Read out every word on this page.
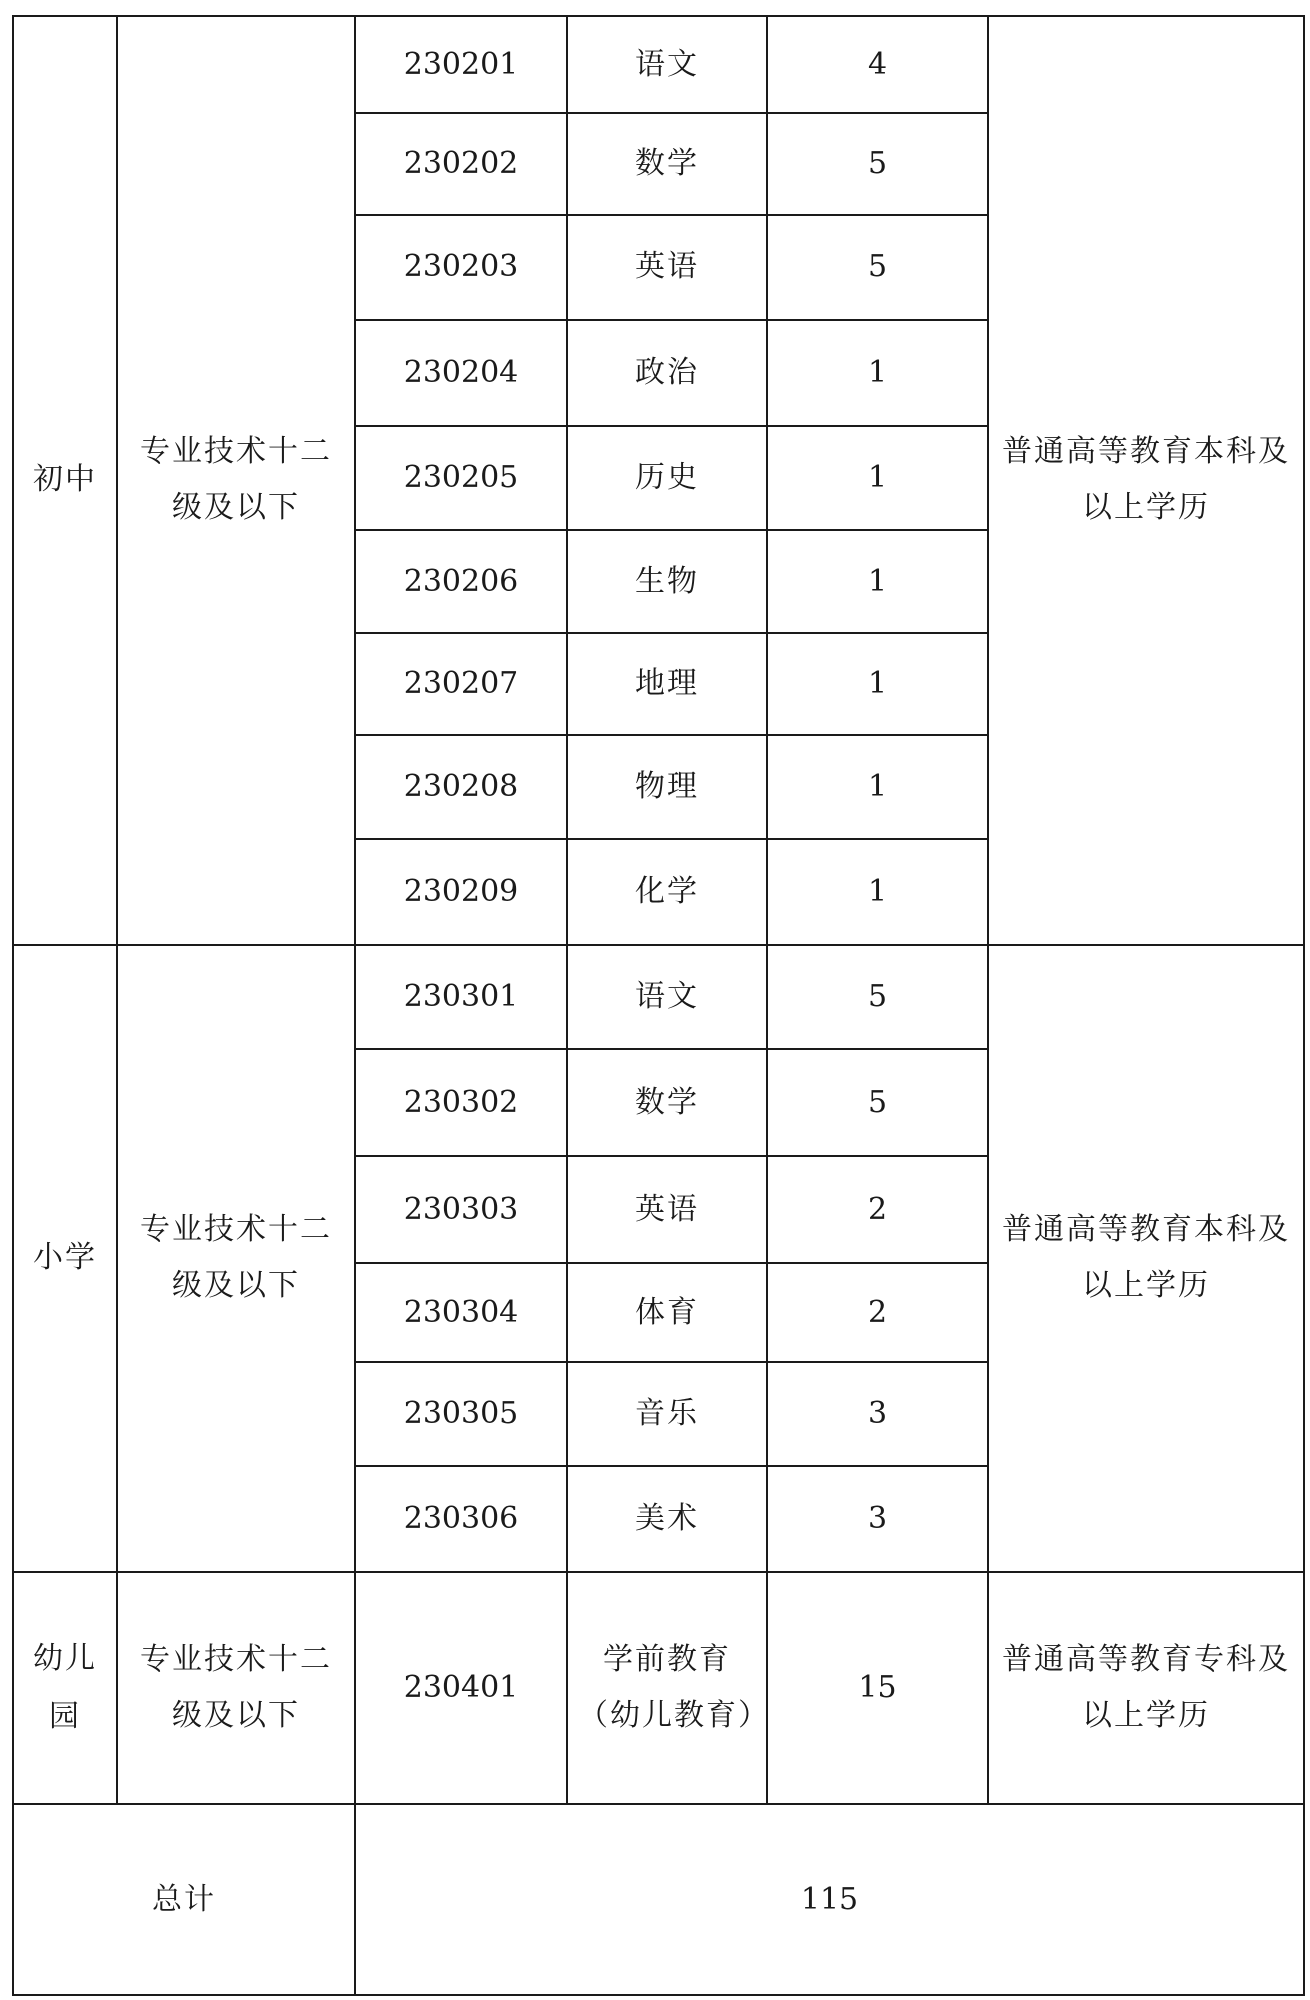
初中	专业技术十二级及以下	230201	语文	4	普通高等教育本科及以上学历
		230202	数学	5	
		230203	英语	5	
		230204	政治	1	
		230205	历史	1	
		230206	生物	1	
		230207	地理	1	
		230208	物理	1	
		230209	化学	1	
小学	专业技术十二级及以下	230301	语文	5	普通高等教育本科及以上学历
		230302	数学	5	
		230303	英语	2	
		230304	体育	2	
		230305	音乐	3	
		230306	美术	3	
幼儿园	专业技术十二级及以下	230401	学前教育（幼儿教育）	15	普通高等教育专科及以上学历
总计		115			
